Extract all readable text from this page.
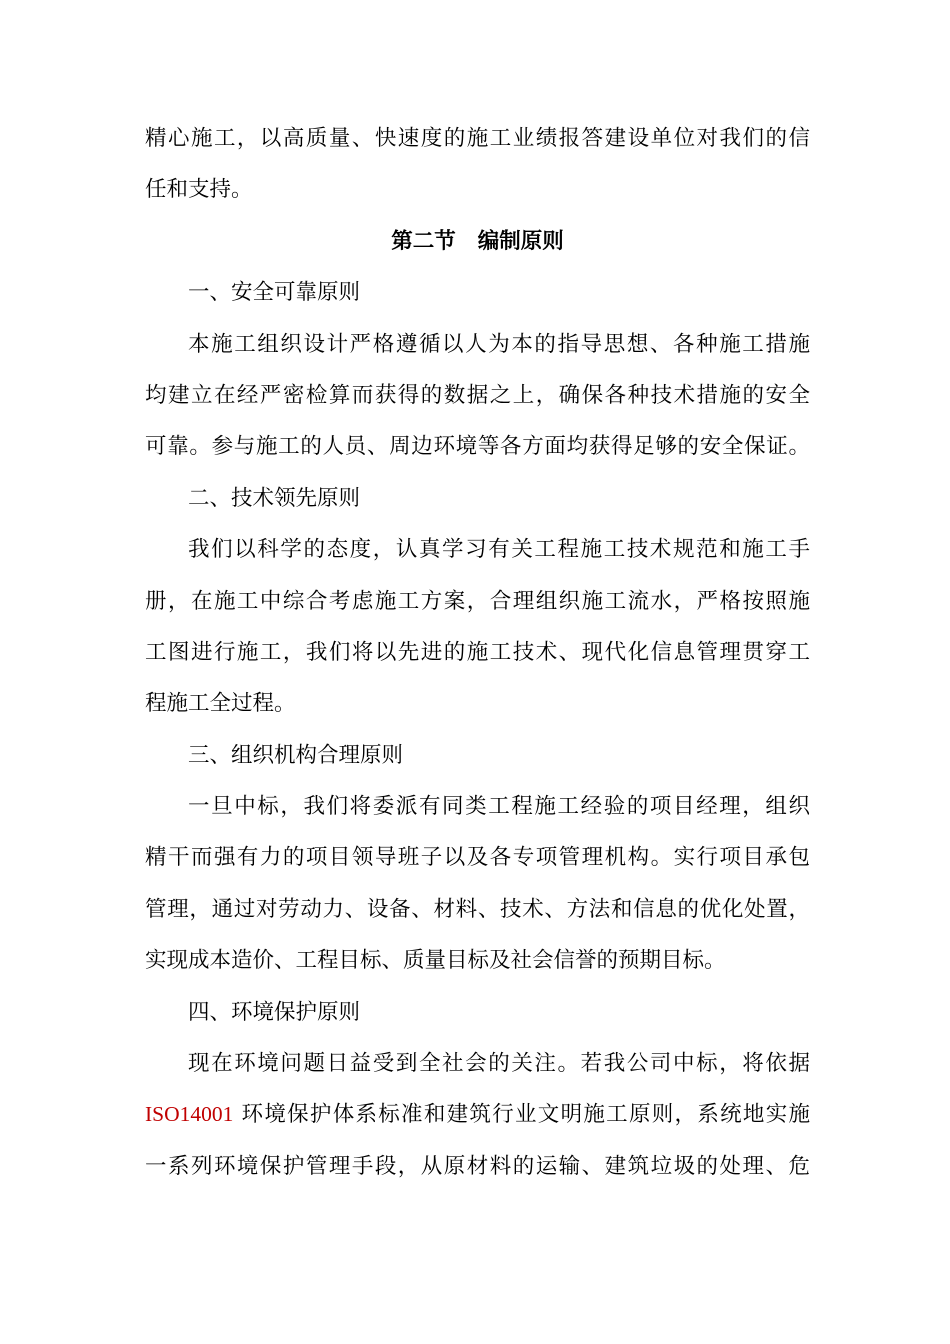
精心施工，以高质量、快速度的施工业绩报答建设单位对我们的信
任和支持。
第二节 编制原则
一、安全可靠原则
本施工组织设计严格遵循以人为本的指导思想、各种施工措施
均建立在经严密检算而获得的数据之上，确保各种技术措施的安全
可靠。参与施工的人员、周边环境等各方面均获得足够的安全保证。
二、技术领先原则
我们以科学的态度，认真学习有关工程施工技术规范和施工手
册，在施工中综合考虑施工方案，合理组织施工流水，严格按照施
工图进行施工，我们将以先进的施工技术、现代化信息管理贯穿工
程施工全过程。
三、组织机构合理原则
一旦中标，我们将委派有同类工程施工经验的项目经理，组织
精干而强有力的项目领导班子以及各专项管理机构。实行项目承包
管理，通过对劳动力、设备、材料、技术、方法和信息的优化处置，
实现成本造价、工程目标、质量目标及社会信誉的预期目标。
四、环境保护原则
现在环境问题日益受到全社会的关注。若我公司中标，将依据
ISO14001 环境保护体系标准和建筑行业文明施工原则，系统地实施
一系列环境保护管理手段，从原材料的运输、建筑垃圾的处理、危
